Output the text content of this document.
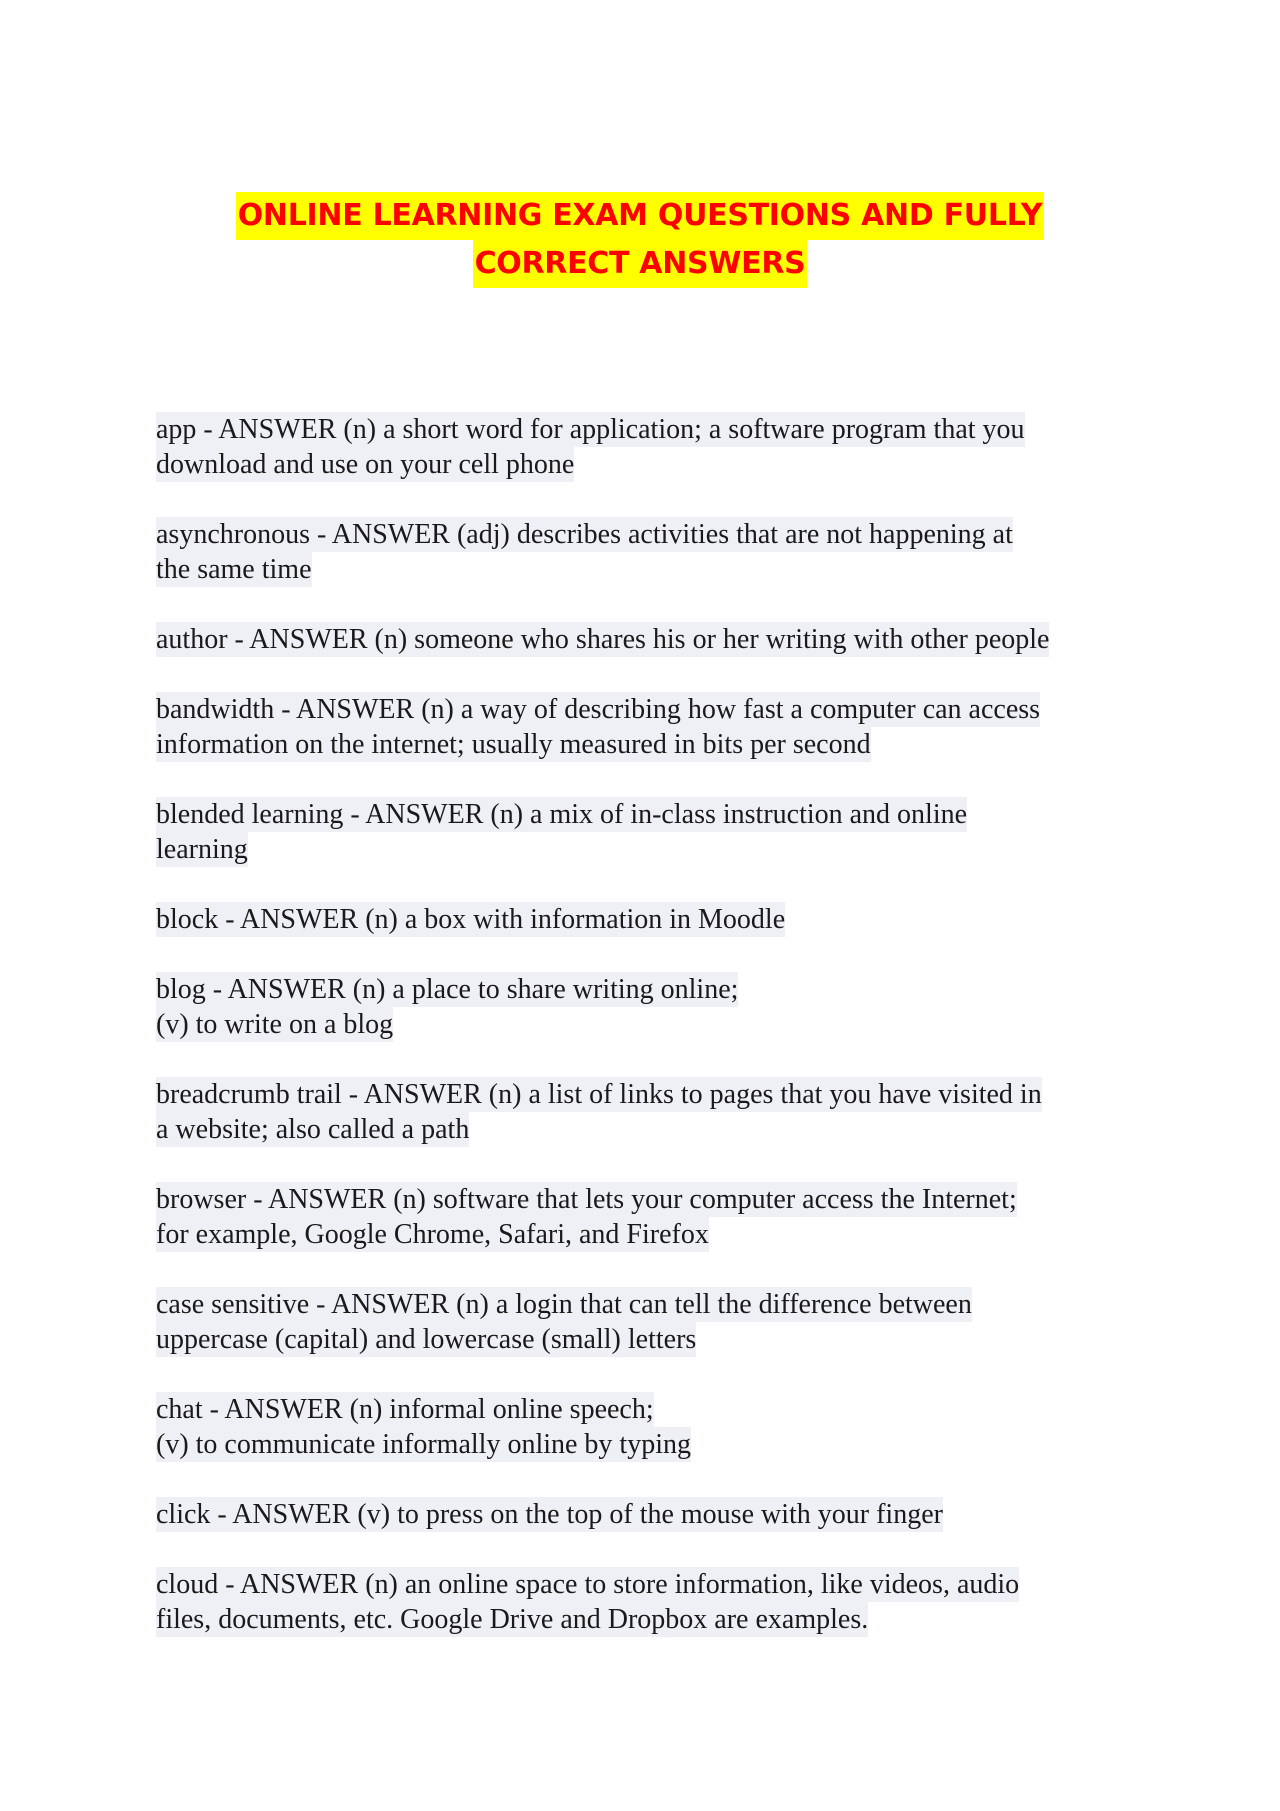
ONLINE LEARNING EXAM QUESTIONS AND FULLY
CORRECT ANSWERS
app - ANSWER (n) a short word for application; a software program that you
download and use on your cell phone
asynchronous - ANSWER (adj) describes activities that are not happening at
the same time
author - ANSWER (n) someone who shares his or her writing with other people
bandwidth - ANSWER (n) a way of describing how fast a computer can access
information on the internet; usually measured in bits per second
blended learning - ANSWER (n) a mix of in-class instruction and online
learning
block - ANSWER (n) a box with information in Moodle
blog - ANSWER (n) a place to share writing online;
(v) to write on a blog
breadcrumb trail - ANSWER (n) a list of links to pages that you have visited in
a website; also called a path
browser - ANSWER (n) software that lets your computer access the Internet;
for example, Google Chrome, Safari, and Firefox
case sensitive - ANSWER (n) a login that can tell the difference between
uppercase (capital) and lowercase (small) letters
chat - ANSWER (n) informal online speech;
(v) to communicate informally online by typing
click - ANSWER (v) to press on the top of the mouse with your finger
cloud - ANSWER (n) an online space to store information, like videos, audio
files, documents, etc. Google Drive and Dropbox are examples.
